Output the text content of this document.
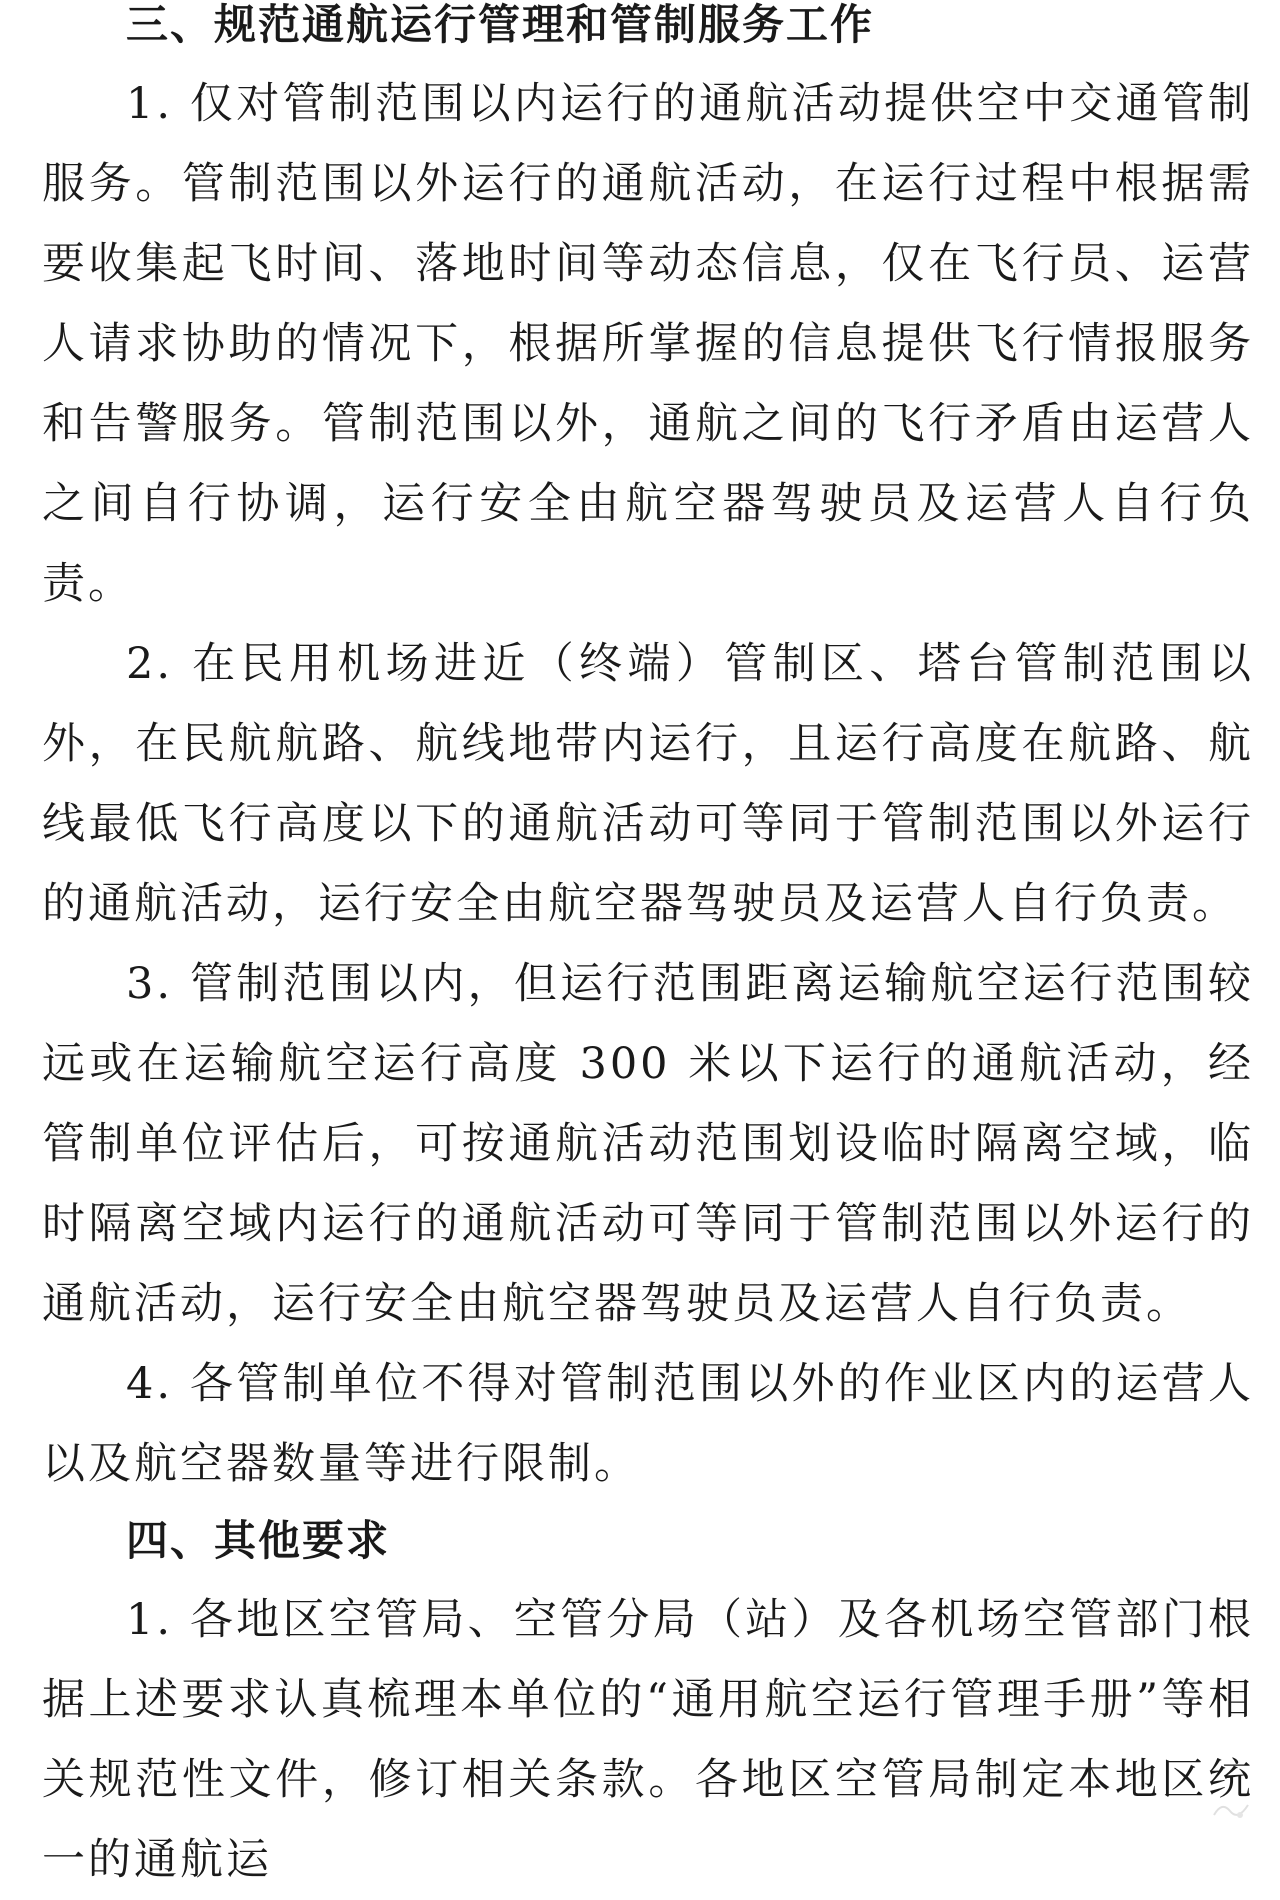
三、规范通航运行管理和管制服务工作

1. 仅对管制范围以内运行的通航活动提供空中交通管制服务。管制范围以外运行的通航活动，在运行过程中根据需要收集起飞时间、落地时间等动态信息，仅在飞行员、运营人请求协助的情况下，根据所掌握的信息提供飞行情报服务和告警服务。管制范围以外，通航之间的飞行矛盾由运营人之间自行协调，运行安全由航空器驾驶员及运营人自行负责。

2. 在民用机场进近（终端）管制区、塔台管制范围以外，在民航航路、航线地带内运行，且运行高度在航路、航线最低飞行高度以下的通航活动可等同于管制范围以外运行的通航活动，运行安全由航空器驾驶员及运营人自行负责。

3. 管制范围以内，但运行范围距离运输航空运行范围较远或在运输航空运行高度 300 米以下运行的通航活动，经管制单位评估后，可按通航活动范围划设临时隔离空域，临时隔离空域内运行的通航活动可等同于管制范围以外运行的通航活动，运行安全由航空器驾驶员及运营人自行负责。

4. 各管制单位不得对管制范围以外的作业区内的运营人以及航空器数量等进行限制。

四、其他要求

1. 各地区空管局、空管分局（站）及各机场空管部门根据上述要求认真梳理本单位的“通用航空运行管理手册”等相关规范性文件，修订相关条款。各地区空管局制定本地区统一的通航运
